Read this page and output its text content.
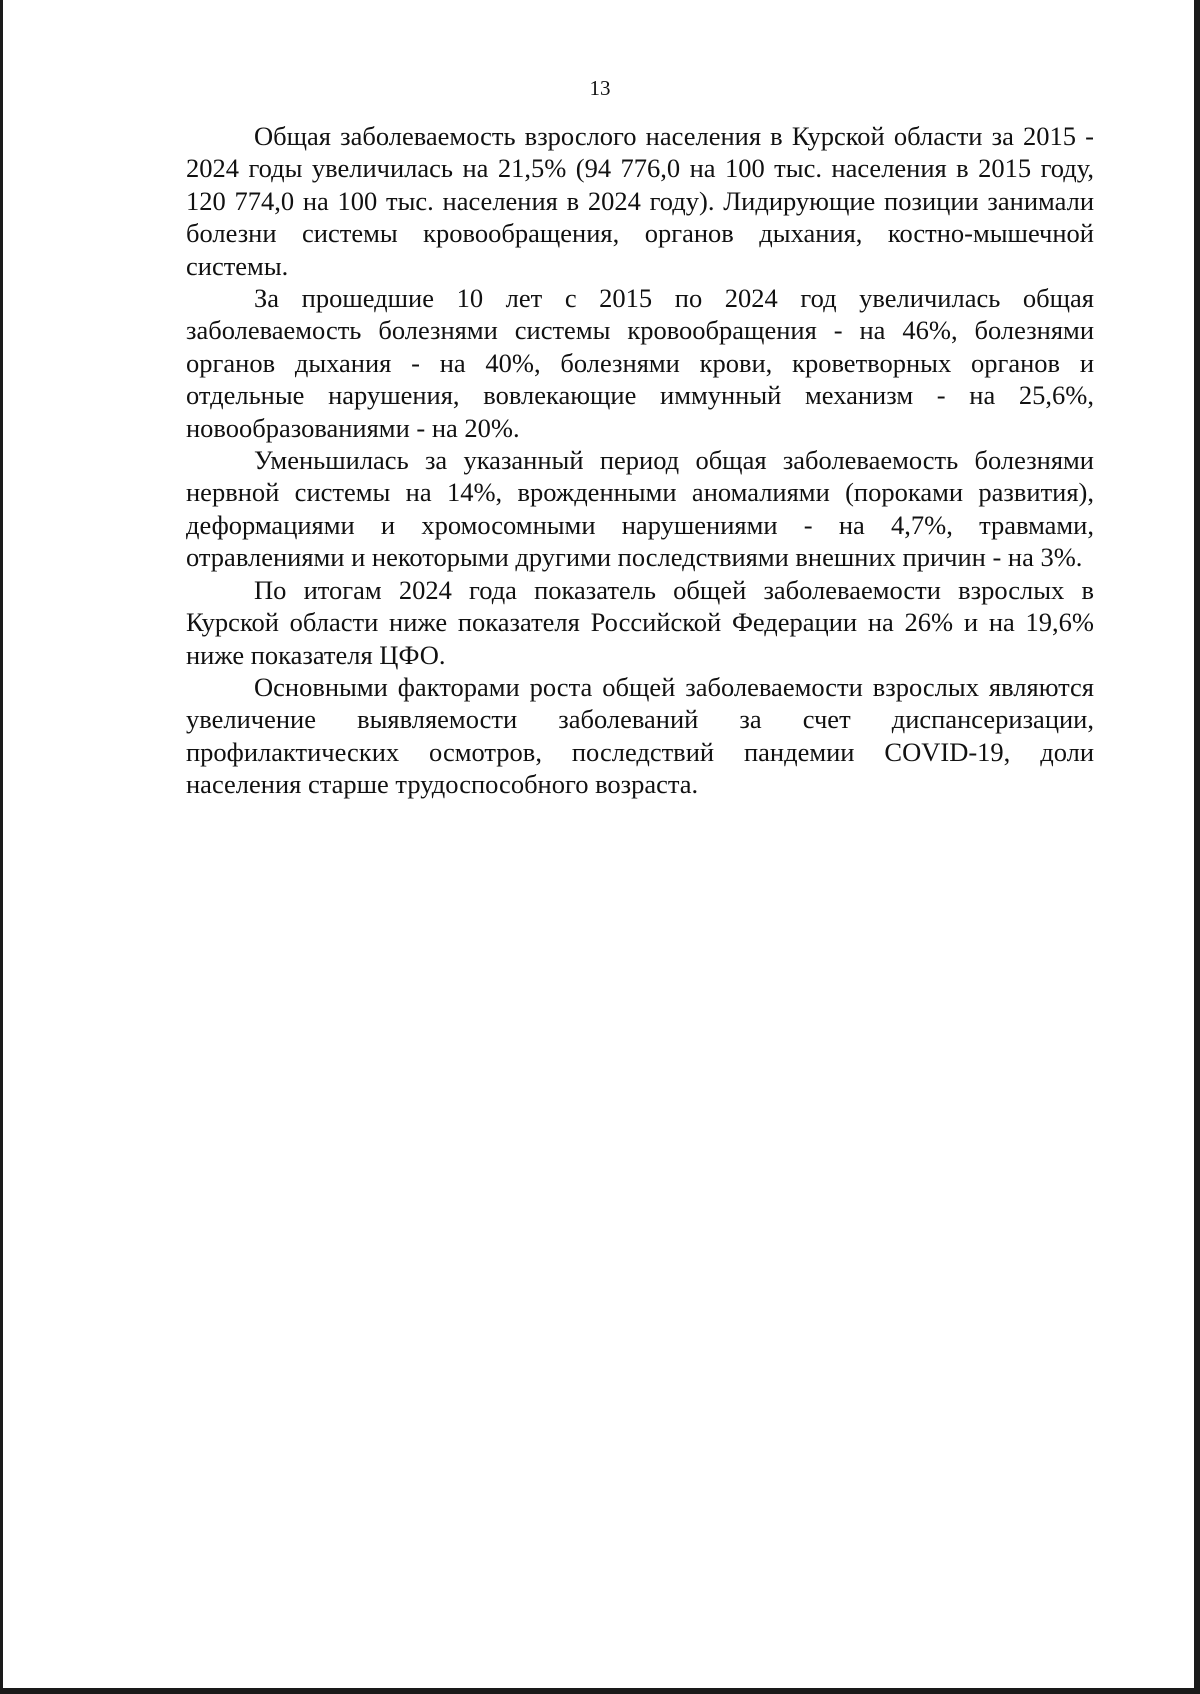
13

Общая заболеваемость взрослого населения в Курской области за 2015 - 2024 годы увеличилась на 21,5% (94 776,0 на 100 тыс. населения в 2015 году, 120 774,0 на 100 тыс. населения в 2024 году). Лидирующие позиции занимали болезни системы кровообращения, органов дыхания, костно-мышечной системы.

За прошедшие 10 лет с 2015 по 2024 год увеличилась общая заболеваемость болезнями системы кровообращения - на 46%, болезнями органов дыхания - на 40%, болезнями крови, кроветворных органов и отдельные нарушения, вовлекающие иммунный механизм - на 25,6%, новообразованиями - на 20%.

Уменьшилась за указанный период общая заболеваемость болезнями нервной системы на 14%, врожденными аномалиями (пороками развития), деформациями и хромосомными нарушениями - на 4,7%, травмами, отравлениями и некоторыми другими последствиями внешних причин - на 3%.

По итогам 2024 года показатель общей заболеваемости взрослых в Курской области ниже показателя Российской Федерации на 26% и на 19,6% ниже показателя ЦФО.

Основными факторами роста общей заболеваемости взрослых являются увеличение выявляемости заболеваний за счет диспансеризации, профилактических осмотров, последствий пандемии COVID-19, доли населения старше трудоспособного возраста.
